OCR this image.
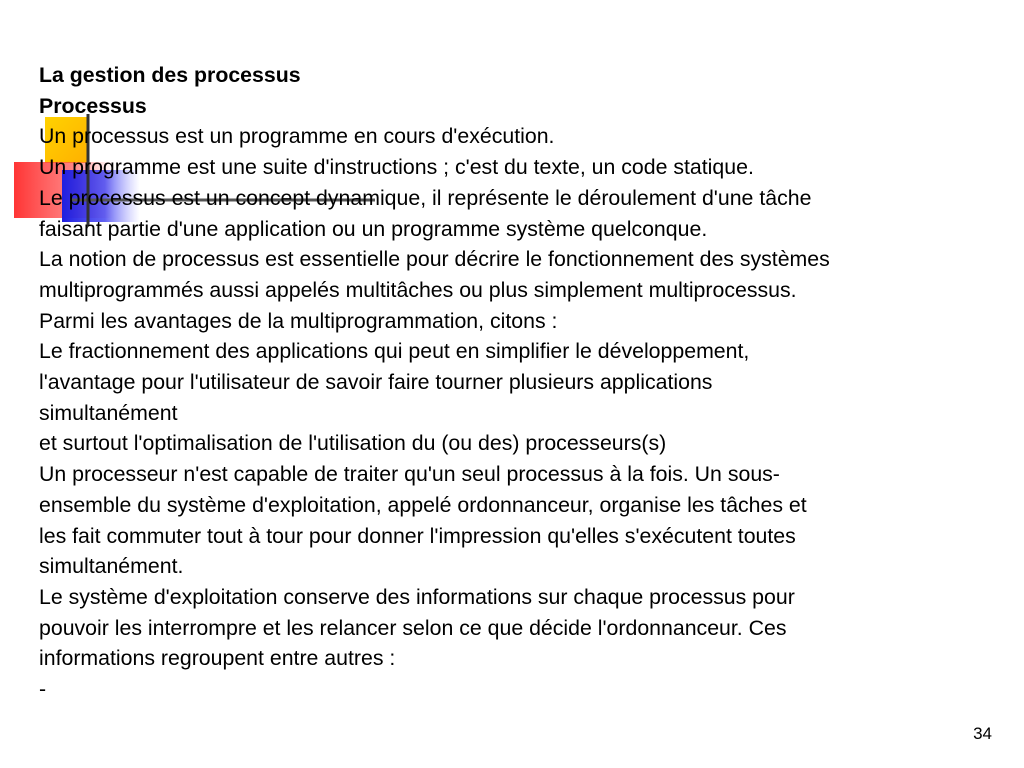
La gestion des processus
Processus
Un processus est un programme en cours d'exécution.
Un programme est une suite d'instructions ; c'est du texte, un code statique.
Le processus est un concept dynamique, il représente le déroulement d'une tâche
faisant partie d'une application ou un programme système quelconque.
La notion de processus est essentielle pour décrire le fonctionnement des systèmes
multiprogrammés aussi appelés multitâches ou plus simplement multiprocessus.
Parmi les avantages de la multiprogrammation, citons :
Le fractionnement des applications qui peut en simplifier le développement,
l'avantage pour l'utilisateur de savoir faire tourner plusieurs applications
simultanément
et surtout l'optimalisation de l'utilisation du (ou des) processeurs(s)
Un processeur n'est capable de traiter qu'un seul processus à la fois. Un sous-
ensemble du système d'exploitation, appelé ordonnanceur, organise les tâches et
les fait commuter tout à tour pour donner l'impression qu'elles s'exécutent toutes
simultanément.
Le système d'exploitation conserve des informations sur chaque processus pour
pouvoir les interrompre et les relancer selon ce que décide l'ordonnanceur. Ces
informations regroupent entre autres :
-
34
